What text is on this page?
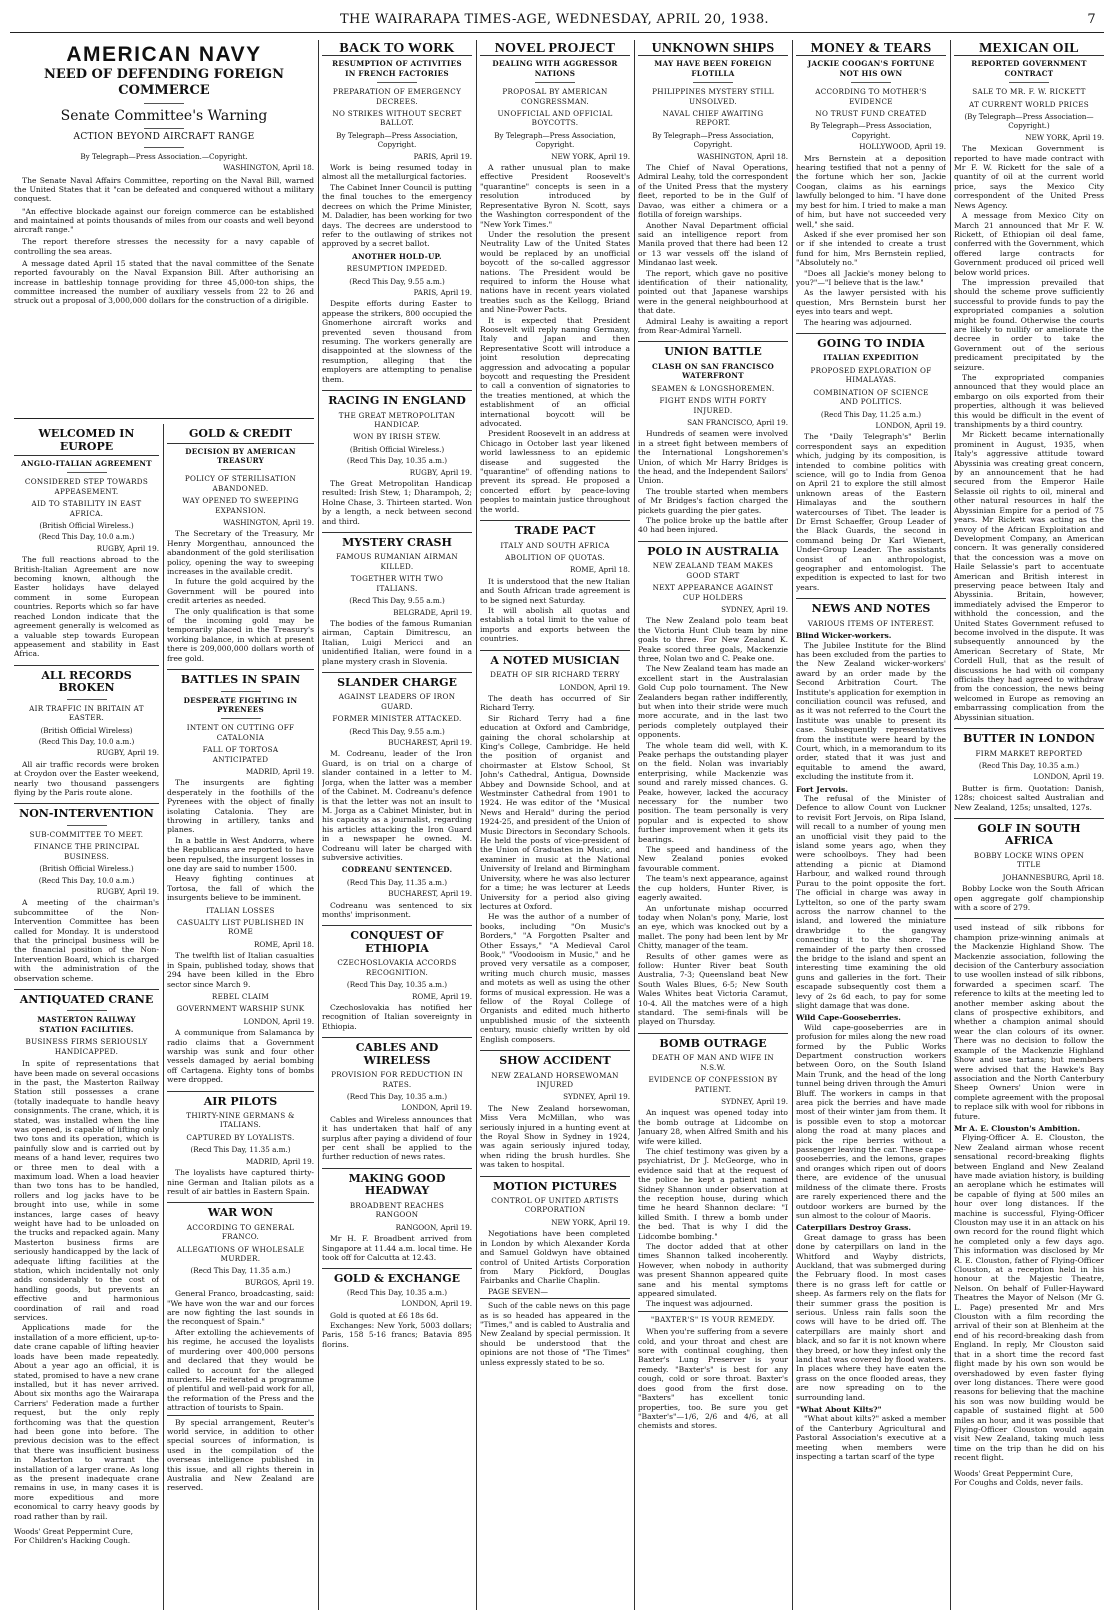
THE WAIRARAPA TIMES-AGE, WEDNESDAY, APRIL 20, 1938.	7
AMERICAN NAVY
NEED OF DEFENDING FOREIGN COMMERCE
Senate Committee's Warning
ACTION BEYOND AIRCRAFT RANGE
By Telegraph—Press Association.—Copyright.
WASHINGTON, April 18.

The Senate Naval Affairs Committee, reporting on the Naval Bill, warned the United States that it "can be defeated and conquered without a military conquest.

"An effective blockade against our foreign commerce can be established and maintained at points thousands of miles from our coasts and well beyond aircraft range."

The report therefore stresses the necessity for a navy capable of controlling the sea areas.

A message dated April 15 stated that the naval committee of the Senate reported favourably on the Naval Expansion Bill. After authorising an increase in battleship tonnage providing for three 45,000-ton ships, the committee increased the number of auxiliary vessels from 22 to 26 and struck out a proposal of 3,000,000 dollars for the construction of a dirigible.

WELCOMED IN EUROPE
ANGLO-ITALIAN AGREEMENT
CONSIDERED STEP TOWARDS APPEASEMENT.
AID TO STABILITY IN EAST AFRICA.
(British Official Wireless.)
(Recd This Day, 10.0 a.m.)
RUGBY, April 19.

The full reactions abroad to the British-Italian Agreement are now becoming known, although the Easter holidays have delayed comment in some European countries. Reports which so far have reached London indicate that the agreement generally is welcomed as a valuable step towards European appeasement and stability in East Africa.

ALL RECORDS BROKEN
AIR TRAFFIC IN BRITAIN AT EASTER.
(British Official Wireless)
(Recd This Day, 10.0 a.m.)
RUGBY, April 19.

All air traffic records were broken at Croydon over the Easter weekend, nearly two thousand passengers flying by the Paris route alone.

NON-INTERVENTION
SUB-COMMITTEE TO MEET.
FINANCE THE PRINCIPAL BUSINESS.
(British Official Wireless.)
(Recd This Day, 10.0 a.m.)
RUGBY, April 19.

A meeting of the chairman's subcommittee of the Non-Intervention Committee has been called for Monday. It is understood that the principal business will be the financial position of the Non-Intervention Board, which is charged with the administration of the observation scheme.

ANTIQUATED CRANE
MASTERTON RAILWAY STATION FACILITIES.
BUSINESS FIRMS SERIOUSLY HANDICAPPED.

In spite of representations that have been made on several occasions in the past, the Masterton Railway Station still possesses a crane (totally inadequate to handle heavy consignments. The crane, which, it is stated, was installed when the line was opened, is capable of lifting only two tons and its operation, which is painfully slow and is carried out by means of a hand lever, requires two or three men to deal with a maximum load. When a load heavier than two tons has to be handled, rollers and log jacks have to be brought into use, while in some instances, large cases of heavy weight have had to be unloaded on the trucks and repacked again. Many Masterton business firms are seriously handicapped by the lack of adequate lifting facilities at the station, which incidentally not only adds considerably to the cost of handling goods, but prevents an effective and harmonious coordination of rail and road services.

Applications made for the installation of a more efficient, up-to-date crane capable of lifting heavier loads have been made repeatedly. About a year ago an official, it is stated, promised to have a new crane installed, but it has never arrived. About six months ago the Wairarapa Carriers' Federation made a further request, but the only reply forthcoming was that the question had been gone into before. The previous decision was to the effect that there was insufficient business in Masterton to warrant the installation of a larger crane. As long as the present inadequate crane remains in use, in many cases it is more expeditious and more economical to carry heavy goods by road rather than by rail.

Woods' Great Peppermint Cure,
For Children's Hacking Cough.
GOLD & CREDIT
DECISION BY AMERICAN TREASURY
POLICY OF STERILISATION ABANDONED.
WAY OPENED TO SWEEPING EXPANSION.
WASHINGTON, April 19.

The Secretary of the Treasury, Mr Henry Morgenthau, announced the abandonment of the gold sterilisation policy, opening the way to sweeping increases in the available credit.

In future the gold acquired by the Government will be poured into credit arteries as needed.

The only qualification is that some of the incoming gold may be temporarily placed in the Treasury's working balance, in which at present there is 209,000,000 dollars worth of free gold.

BATTLES IN SPAIN
DESPERATE FIGHTING IN PYRENEES
INTENT ON CUTTING OFF CATALONIA
FALL OF TORTOSA ANTICIPATED
MADRID, April 19.

The insurgents are fighting desperately in the foothills of the Pyrenees with the object of finally isolating Catalonia. They are throwing in artillery, tanks and planes.

In a battle in West Andorra, where the Republicans are reported to have been repulsed, the insurgent losses in one day are said to number 1500.

Heavy fighting continues at Tortosa, the fall of which the insurgents believe to be imminent.

ITALIAN LOSSES
CASUALTY LIST PUBLISHED IN ROME
ROME, April 18.

The twelfth list of Italian casualties in Spain, published today, shows that 294 have been killed in the Ebro sector since March 9.

REBEL CLAIM
GOVERNMENT WARSHIP SUNK
LONDON, April 19.

A communique from Salamanca by radio claims that a Government warship was sunk and four other vessels damaged by aerial bombing off Cartagena. Eighty tons of bombs were dropped.

AIR PILOTS
THIRTY-NINE GERMANS & ITALIANS.
CAPTURED BY LOYALISTS.
(Recd This Day, 11.35 a.m.)
MADRID, April 19.

The loyalists have captured thirty-nine German and Italian pilots as a result of air battles in Eastern Spain.

WAR WON
ACCORDING TO GENERAL FRANCO.
ALLEGATIONS OF WHOLESALE MURDER.
(Recd This Day, 11.35 a.m.)
BURGOS, April 19.

General Franco, broadcasting, said: "We have won the war and our forces are now fighting the last sounds in the reconquest of Spain."

After extolling the achievements of his regime, he accused the loyalists of murdering over 400,000 persons and declared that they would be called to account for the alleged murders. He reiterated a programme of plentiful and well-paid work for all, the reformation of the Press and the attraction of tourists to Spain.

By special arrangement, Reuter's world service, in addition to other special sources of information, is used in the compilation of the overseas intelligence published in this issue, and all rights therein in Australia and New Zealand are reserved.

BACK TO WORK
RESUMPTION OF ACTIVITIES IN FRENCH FACTORIES
PREPARATION OF EMERGENCY DECREES.
NO STRIKES WITHOUT SECRET BALLOT.
By Telegraph—Press Association, Copyright.
PARIS, April 19.

Work is being resumed today in almost all the metallurgical factories.

The Cabinet Inner Council is putting the final touches to the emergency decrees on which the Prime Minister, M. Daladier, has been working for two days. The decrees are understood to refer to the outlawing of strikes not approved by a secret ballot.

ANOTHER HOLD-UP.
RESUMPTION IMPEDED.
(Recd This Day, 9.55 a.m.)
PARIS, April 19.

Despite efforts during Easter to appease the strikers, 800 occupied the Gnomerhone aircraft works and prevented seven thousand from resuming. The workers generally are disappointed at the slowness of the resumption, alleging that the employers are attempting to penalise them.

RACING IN ENGLAND
THE GREAT METROPOLITAN HANDICAP.
WON BY IRISH STEW.
(British Official Wireless.)
(Recd This Day, 10.35 a.m.)
RUGBY, April 19.

The Great Metropolitan Handicap resulted: Irish Stew, 1; Dharampoh, 2; Holne Chase, 3. Thirteen started. Won by a length, a neck between second and third.

MYSTERY CRASH
FAMOUS RUMANIAN AIRMAN KILLED.
TOGETHER WITH TWO ITALIANS.
(Recd This Day, 9.55 a.m.)
BELGRADE, April 19.

The bodies of the famous Rumanian airman, Captain Dimitrescu, an Italian, Luigi Mericci and an unidentified Italian, were found in a plane mystery crash in Slovenia.

SLANDER CHARGE
AGAINST LEADERS OF IRON GUARD.
FORMER MINISTER ATTACKED.
(Recd This Day, 9.55 a.m.)
BUCHAREST, April 19.

M. Codreanu, leader of the Iron Guard, is on trial on a charge of slander contained in a letter to M. Jorga, when the latter was a member of the Cabinet. M. Codreanu's defence is that the letter was not an insult to M. Jorga as a Cabinet Minister, but in his capacity as a journalist, regarding his articles attacking the Iron Guard in a newspaper he owned. M. Codreanu will later be charged with subversive activities.

CODREANU SENTENCED.
(Recd This Day, 11.35 a.m.)
BUCHAREST, April 19.

Codreanu was sentenced to six months' imprisonment.

CONQUEST OF ETHIOPIA
CZECHOSLOVAKIA ACCORDS RECOGNITION.
(Recd This Day, 10.35 a.m.)
ROME, April 19.

Czechoslovakia has notified her recognition of Italian sovereignty in Ethiopia.

CABLES AND WIRELESS
PROVISION FOR REDUCTION IN RATES.
(Recd This Day, 10.35 a.m.)
LONDON, April 19.

Cables and Wireless announces that it has undertaken that half of any surplus after paying a dividend of four per cent shall be applied to the further reduction of news rates.

MAKING GOOD HEADWAY
BROADBENT REACHES RANGOON
RANGOON, April 19.

Mr H. F. Broadbent arrived from Singapore at 11.44 a.m. local time. He took off for Calcutta at 12.43.

GOLD & EXCHANGE
(Recd This Day, 10.35 a.m.)
LONDON, April 19.

Gold is quoted at £6 18s 6d.

Exchanges: New York, 5003 dollars; Paris, 158 5-16 francs; Batavia 895 florins.

NOVEL PROJECT
DEALING WITH AGGRESSOR NATIONS
PROPOSAL BY AMERICAN CONGRESSMAN.
UNOFFICIAL AND OFFICIAL BOYCOTTS.
By Telegraph—Press Association, Copyright.
NEW YORK, April 19.

A rather unusual plan to make effective President Roosevelt's "quarantine" concepts is seen in a resolution introduced by Representative Byron N. Scott, says the Washington correspondent of the "New York Times."

Under the resolution the present Neutrality Law of the United States would be replaced by an unofficial boycott of the so-called aggressor nations. The President would be required to inform the House what nations have in recent years violated treaties such as the Kellogg, Briand and Nine-Power Pacts.

It is expected that President Roosevelt will reply naming Germany, Italy and Japan and then Representative Scott will introduce a joint resolution deprecating aggression and advocating a popular boycott and requesting the President to call a convention of signatories to the treaties mentioned, at which the establishment of an official international boycott will be advocated.

President Roosevelt in an address at Chicago in October last year likened world lawlessness to an epidemic disease and suggested the "quarantine" of offending nations to prevent its spread. He proposed a concerted effort by peace-loving peoples to maintain justice throughout the world.

TRADE PACT
ITALY AND SOUTH AFRICA
ABOLITION OF QUOTAS.
ROME, April 18.

It is understood that the new Italian and South African trade agreement is to be signed next Saturday.

It will abolish all quotas and establish a total limit to the value of imports and exports between the countries.

A NOTED MUSICIAN
DEATH OF SIR RICHARD TERRY
LONDON, April 19.

The death has occurred of Sir Richard Terry.

Sir Richard Terry had a fine education at Oxford and Cambridge, gaining the choral scholarship at King's College, Cambridge. He held the position of organist and choirmaster at Elstow School, St John's Cathedral, Antigua, Downside Abbey and Downside School, and at Westminster Cathedral from 1901 to 1924. He was editor of the "Musical News and Herald" during the period 1924-25, and president of the Union of Music Directors in Secondary Schools. He held the posts of vice-president of the Union of Graduates in Music, and examiner in music at the National University of Ireland and Birmingham University, where he was also lecturer for a time; he was lecturer at Leeds University for a period also giving lectures at Oxford.

He was the author of a number of books, including "On Music's Borders," "A Forgotten Psalter and Other Essays," "A Medieval Carol Book," "Voodooism in Music," and he proved very versatile as a composer, writing much church music, masses and motets as well as using the other forms of musical expression. He was a fellow of the Royal College of Organists and edited much hitherto unpublished music of the sixteenth century, music chiefly written by old English composers.

SHOW ACCIDENT
NEW ZEALAND HORSEWOMAN INJURED
SYDNEY, April 19.

The New Zealand horsewoman, Miss Vera McMillan, who was seriously injured in a hunting event at the Royal Show in Sydney in 1924, was again seriously injured today, when riding the brush hurdles. She was taken to hospital.

MOTION PICTURES
CONTROL OF UNITED ARTISTS CORPORATION
NEW YORK, April 19.

Negotiations have been completed in London by which Alexander Korda and Samuel Goldwyn have obtained control of United Artists Corporation from Mary Pickford, Douglas Fairbanks and Charlie Chaplin.

PAGE SEVEN—

Such of the cable news on this page as is so headed has appeared in the "Times," and is cabled to Australia and New Zealand by special permission. It should be understood that the opinions are not those of "The Times" unless expressly stated to be so.

UNKNOWN SHIPS
MAY HAVE BEEN FOREIGN FLOTILLA
PHILIPPINES MYSTERY STILL UNSOLVED.
NAVAL CHIEF AWAITING REPORT.
By Telegraph—Press Association, Copyright.
WASHINGTON, April 18.

The Chief of Naval Operations, Admiral Leahy, told the correspondent of the United Press that the mystery fleet, reported to be in the Gulf of Davao, was either a chimera or a flotilla of foreign warships.

Another Naval Department official said an intelligence report from Manila proved that there had been 12 or 13 war vessels off the island of Mindanao last week.

The report, which gave no positive identification of their nationality, pointed out that Japanese warships were in the general neighbourhood at that date.

Admiral Leahy is awaiting a report from Rear-Admiral Yarnell.

UNION BATTLE
CLASH ON SAN FRANCISCO WATERFRONT
SEAMEN & LONGSHOREMEN.
FIGHT ENDS WITH FORTY INJURED.
SAN FRANCISCO, April 19.

Hundreds of seamen were involved in a street fight between members of the International Longshoremen's Union, of which Mr Harry Bridges is the head, and the Independent Sailors' Union.

The trouble started when members of Mr Bridges's faction charged the pickets guarding the pier gates.

The police broke up the battle after 40 had been injured.

POLO IN AUSTRALIA
NEW ZEALAND TEAM MAKES GOOD START
NEXT APPEARANCE AGAINST CUP HOLDERS
SYDNEY, April 19.

The New Zealand polo team beat the Victoria Hunt Club team by nine goals to three. For New Zealand K. Peake scored three goals, Mackenzie three, Nolan two and C. Peake one.

The New Zealand team has made an excellent start in the Australasian Gold Cup polo tournament. The New Zealanders began rather indifferently, but when into their stride were much more accurate, and in the last two periods completely outplayed their opponents.

The whole team did well, with K. Peake perhaps the outstanding player on the field. Nolan was invariably enterprising, while Mackenzie was sound and rarely missed chances. G. Peake, however, lacked the accuracy necessary for the number two position. The team personally is very popular and is expected to show further improvement when it gets its bearings.

The speed and handiness of the New Zealand ponies evoked favourable comment.

The team's next appearance, against the cup holders, Hunter River, is eagerly awaited.

An unfortunate mishap occurred today when Nolan's pony, Marie, lost an eye, which was knocked out by a mallet. The pony had been lent by Mr Chitty, manager of the team.

Results of other games were as follow: Hunter River beat South Australia, 7-3; Queensland beat New South Wales Blues, 6-5; New South Wales Whites beat Victoria Caramut, 10-4. All the matches were of a high standard. The semi-finals will be played on Thursday.

BOMB OUTRAGE
DEATH OF MAN AND WIFE IN N.S.W.
EVIDENCE OF CONFESSION BY PATIENT.
SYDNEY, April 19.

An inquest was opened today into the bomb outrage at Lidcombe on January 28, when Alfred Smith and his wife were killed.

The chief testimony was given by a psychiatrist, Dr J. McGeorge, who in evidence said that at the request of the police he kept a patient named Sidney Shannon under observation at the reception house, during which time he heard Shannon declare: "I killed Smith. I threw a bomb under the bed. That is why I did the Lidcombe bombing."

The doctor added that at other times Shannon talked incoherently. However, when nobody in authority was present Shannon appeared quite sane and his mental symptoms appeared simulated.

The inquest was adjourned.

"BAXTER'S" IS YOUR REMEDY.

When you're suffering from a severe cold, and your throat and chest are sore with continual coughing, then Baxter's Lung Preserver is your remedy. "Baxter's" is best for any cough, cold or sore throat. Baxter's does good from the first dose. "Baxters" has excellent tonic properties, too. Be sure you get "Baxter's"—1/6, 2/6 and 4/6, at all chemists and stores.

MONEY & TEARS
JACKIE COOGAN'S FORTUNE NOT HIS OWN
ACCORDING TO MOTHER'S EVIDENCE
NO TRUST FUND CREATED
By Telegraph—Press Association, Copyright.
HOLLYWOOD, April 19.

Mrs Bernstein at a deposition hearing testified that not a penny of the fortune which her son, Jackie Coogan, claims as his earnings lawfully belonged to him. "I have done my best for him. I tried to make a man of him, but have not succeeded very well," she said.

Asked if she ever promised her son or if she intended to create a trust fund for him, Mrs Bernstein replied, "Absolutely no."

"Does all Jackie's money belong to you?"—"I believe that is the law."

As the lawyer persisted with his question, Mrs Bernstein burst her eyes into tears and wept.

The hearing was adjourned.

GOING TO INDIA
ITALIAN EXPEDITION
PROPOSED EXPLORATION OF HIMALAYAS.
COMBINATION OF SCIENCE AND POLITICS.
(Recd This Day, 11.25 a.m.)
LONDON, April 19.

The "Daily Telegraph's" Berlin correspondent says an expedition which, judging by its composition, is intended to combine politics with science, will go to India from Genoa on April 21 to explore the still almost unknown areas of the Eastern Himalayas and the southern watercourses of Tibet. The leader is Dr Ernst Schaeffer, Group Leader of the Black Guards, the second in command being Dr Karl Wienert, Under-Group Leader. The assistants consist of an anthropologist, geographer and entomologist. The expedition is expected to last for two years.

NEWS AND NOTES
VARIOUS ITEMS OF INTEREST.
Blind Wicker-workers.

The Jubilee Institute for the Blind has been excluded from the parties to the New Zealand wicker-workers' award by an order made by the Second Arbitration Court. The Institute's application for exemption in conciliation council was refused, and as it was not referred to the Court the Institute was unable to present its case. Subsequently representatives from the institute were heard by the Court, which, in a memorandum to its order, stated that it was just and equitable to amend the award, excluding the institute from it.

Fort Jervois.

The refusal of the Minister of Defence to allow Count von Luckner to revisit Fort Jervois, on Ripa Island, will recall to a number of young men an unofficial visit they paid to the island some years ago, when they were schoolboys. They had been attending a picnic at Diamond Harbour, and walked round through Purau to the point opposite the fort. The official in charge was away in Lyttelton, so one of the party swam across the narrow channel to the island, and lowered the miniature drawbridge to the gangway connecting it to the shore. The remainder of the party then crossed the bridge to the island and spent an interesting time examining the old guns and galleries in the fort. Their escapade subsequently cost them a levy of 2s 6d each, to pay for some slight damage that was done.

Wild Cape-Gooseberries.

Wild cape-gooseberries are in profusion for miles along the new road formed by the Public Works Department construction workers between Ooro, on the South Island Main Trunk, and the head of the long tunnel being driven through the Amuri Bluff. The workers in camps in that area pick the berries and have made most of their winter jam from them. It is possible even to stop a motorcar along the road at many places and pick the ripe berries without a passenger leaving the car. These cape-gooseberries, and the lemons, grapes and oranges which ripen out of doors there, are evidence of the unusual mildness of the climate there. Frosts are rarely experienced there and the outdoor workers are burned by the sun almost to the colour of Maoris.

Caterpillars Destroy Grass.

Great damage to grass has been done by caterpillars on land in the Whitford and Wayby districts, Auckland, that was submerged during the February flood. In most cases there is no grass left for cattle or sheep. As farmers rely on the flats for their summer grass the position is serious. Unless rain falls soon the cows will have to be dried off. The caterpillars are mainly short and black, and so far it is not known where they breed, or how they infest only the land that was covered by flood waters. In places where they have eaten the grass on the once flooded areas, they are now spreading on to the surrounding land.

"What About Kilts?"

"What about kilts?" asked a member of the Canterbury Agricultural and Pastoral Association's executive at a meeting when members were inspecting a tartan scarf of the type

MEXICAN OIL
REPORTED GOVERNMENT CONTRACT
SALE TO MR. F. W. RICKETT
AT CURRENT WORLD PRICES
(By Telegraph—Press Association—Copyright.)
NEW YORK, April 19.

The Mexican Government is reported to have made contract with Mr F. W. Rickett for the sale of a quantity of oil at the current world price, says the Mexico City correspondent of the United Press News Agency.

A message from Mexico City on March 21 announced that Mr F. W. Rickett, of Ethiopian oil deal fame, conferred with the Government, which offered large contracts for Government produced oil priced well below world prices.

The impression prevailed that should the scheme prove sufficiently successful to provide funds to pay the expropriated companies a solution might be found. Otherwise the courts are likely to nullify or ameliorate the decree in order to take the Government out of the serious predicament precipitated by the seizure.

The expropriated companies announced that they would place an embargo on oils exported from their properties, although it was believed this would be difficult in the event of transhipments by a third country.

Mr Rickett became internationally prominent in August, 1935, when Italy's aggressive attitude toward Abyssinia was creating great concern, by an announcement that he had secured from the Emperor Haile Selassie oil rights to oil, mineral and other natural resources in half the Abyssinian Empire for a period of 75 years. Mr Rickett was acting as the envoy of the African Exploitation and Development Company, an American concern. It was generally considered that the concession was a move on Haile Selassie's part to accentuate American and British interest in preserving peace between Italy and Abyssinia. Britain, however, immediately advised the Emperor to withhold the concession, and the United States Government refused to become involved in the dispute. It was subsequently announced by the American Secretary of State, Mr Cordell Hull, that as the result of discussions he had with oil company officials they had agreed to withdraw from the concession, the news being welcomed in Europe as removing an embarrassing complication from the Abyssinian situation.

BUTTER IN LONDON
FIRM MARKET REPORTED
(Recd This Day, 10.35 a.m.)
LONDON, April 19.

Butter is firm. Quotation: Danish, 128s; choicest salted Australian and New Zealand, 125s; unsalted, 127s.

GOLF IN SOUTH AFRICA
BOBBY LOCKE WINS OPEN TITLE
JOHANNESBURG, April 18.

Bobby Locke won the South African open aggregate golf championship with a score of 279.

used instead of silk ribbons for champion prize-winning animals at the Mackenzie Highland Show. The Mackenzie association, following the decision of the Canterbury association to use woollen instead of silk ribbons, forwarded a specimen scarf. The reference to kilts at the meeting led to another member asking about the clans of prospective exhibitors, and whether a champion animal should wear the clan colours of its owner. There was no decision to follow the example of the Mackenzie Highland Show and use tartans; but members were advised that the Hawke's Bay association and the North Canterbury Sheep Owners' Union were in complete agreement with the proposal to replace silk with wool for ribbons in future.

Mr A. E. Clouston's Ambition.

Flying-Officer A. E. Clouston, the New Zealand airman whose recent sensational record-breaking flights between England and New Zealand have made aviation history, is building an aeroplane which he estimates will be capable of flying at 500 miles an hour over long distances. If the machine is successful, Flying-Officer Clouston may use it in an attack on his own record for the round flight which he completed only a few days ago. This information was disclosed by Mr R. E. Clouston, father of Flying-Officer Clouston, at a reception held in his honour at the Majestic Theatre, Nelson. On behalf of Fuller-Hayward Theatres the Mayor of Nelson (Mr G. L. Page) presented Mr and Mrs Clouston with a film recording the arrival of their son at Blenheim at the end of his record-breaking dash from England. In reply, Mr Clouston said that in a short time the record fast flight made by his own son would be overshadowed by even faster flying over long distances. There were good reasons for believing that the machine his son was now building would be capable of sustained flight at 500 miles an hour, and it was possible that Flying-Officer Clouston would again visit New Zealand, taking much less time on the trip than he did on his recent flight.

Woods' Great Peppermint Cure,
For Coughs and Colds, never fails.
